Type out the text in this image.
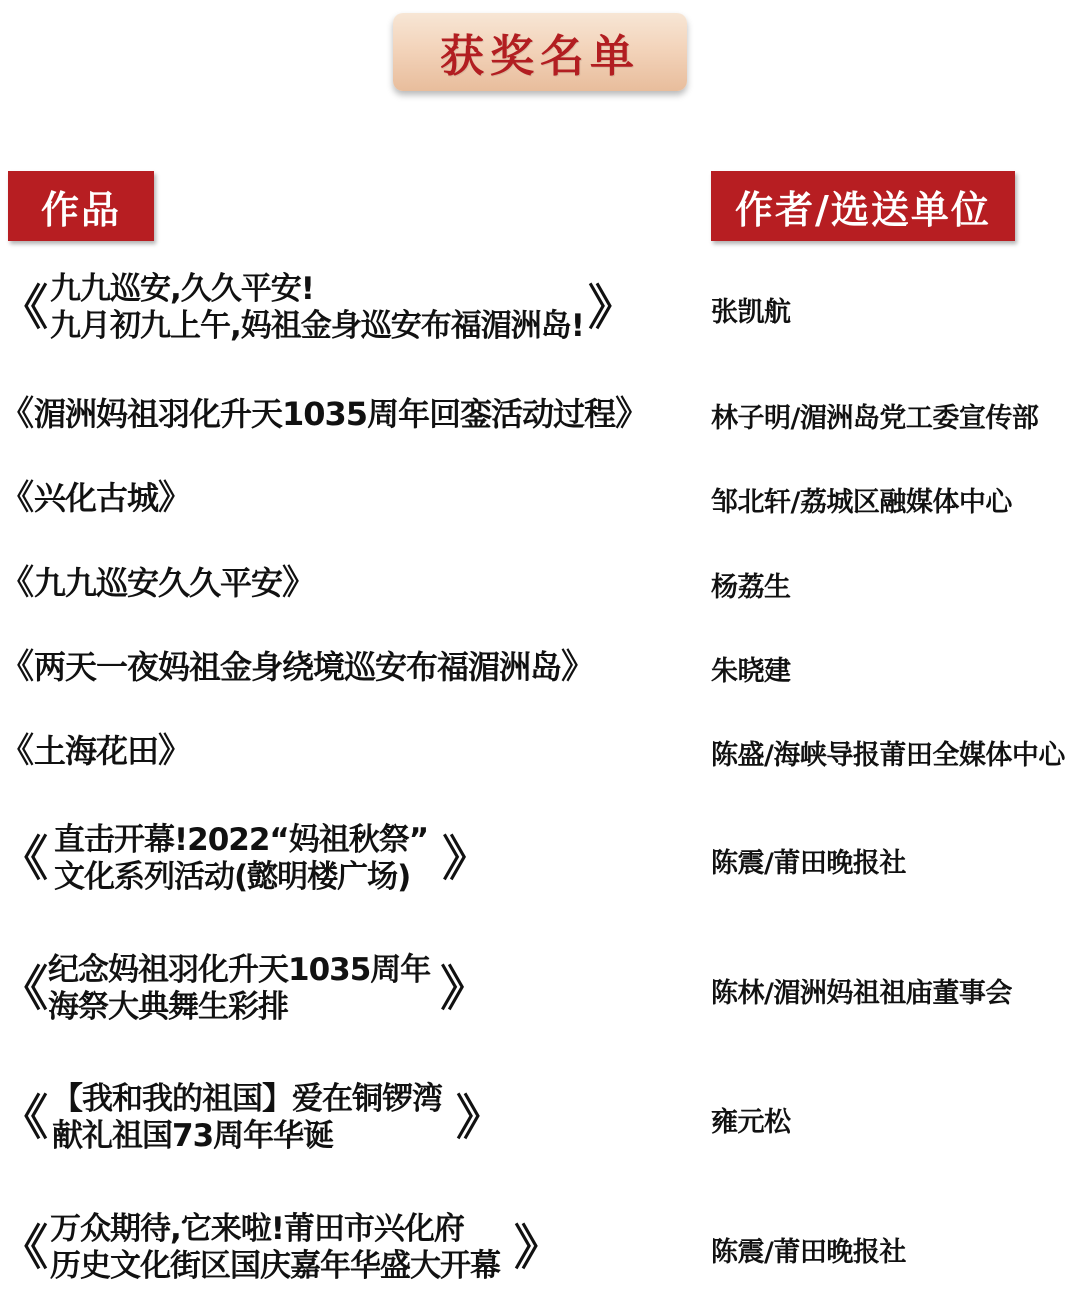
获奖名单
作品	作者/选送单位
《 九九巡安,久久平安!
九月初九上午,妈祖金身巡安布福湄洲岛! 》	张凯航
《 湄洲妈祖羽化升天1035周年回銮活动过程 》 林子明/湄洲岛党工委宣传部
《 兴化古城 》	邹北轩/荔城区融媒体中心
《 九九巡安久久平安 》	杨荔生
《 两天一夜妈祖金身绕境巡安布福湄洲岛 》	朱晓建
《 土海花田 》	陈盛/海峡导报莆田全媒体中心
《 直击开幕!2022“妈祖秋祭”
文化系列活动(懿明楼广场) 》	陈震/莆田晚报社
《 纪念妈祖羽化升天1035周年
海祭大典舞生彩排	》	陈林/湄洲妈祖祖庙董事会
《 【我和我的祖国】爱在铜锣湾
献礼祖国73周年华诞	》	雍元松
《 万众期待,它来啦!莆田市兴化府
历史文化街区国庆嘉年华盛大开幕 》	陈震/莆田晚报社
